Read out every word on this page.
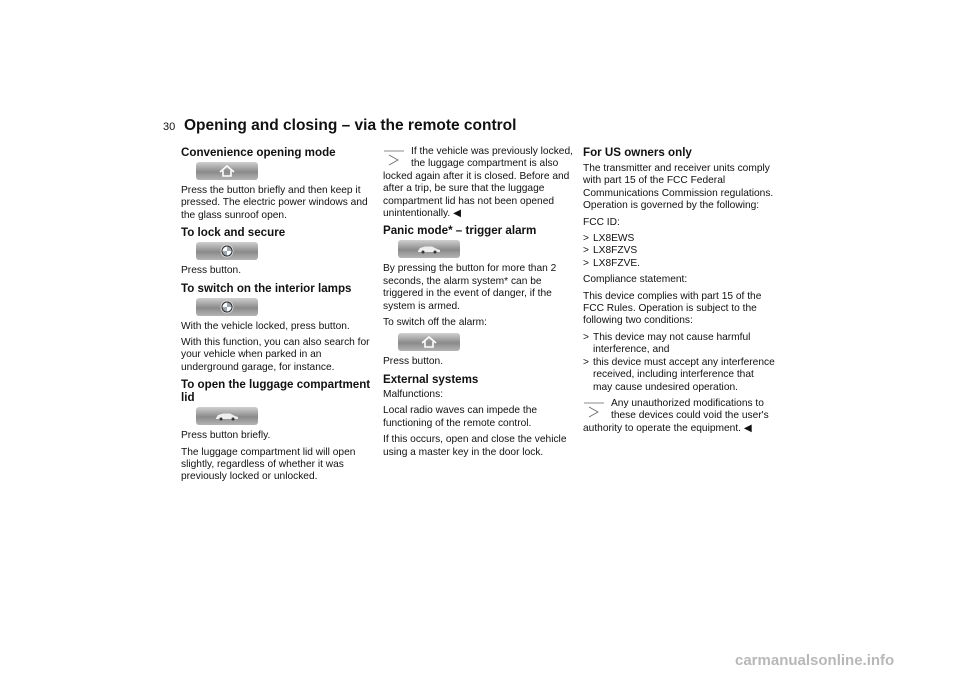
30 Opening and closing – via the remote control
Convenience opening mode

Press the button briefly and then keep it pressed. The electric power windows and the glass sunroof open.

To lock and secure

Press button.

To switch on the interior lamps

With the vehicle locked, press button.

With this function, you can also search for your vehicle when parked in an underground garage, for instance.

To open the luggage compartment lid

Press button briefly.

The luggage compartment lid will open slightly, regardless of whether it was previously locked or unlocked.

If the vehicle was previously locked, the luggage compartment is also locked again after it is closed. Before and after a trip, be sure that the luggage compartment lid has not been opened unintentionally. ◀

Panic mode* – trigger alarm

By pressing the button for more than 2 seconds, the alarm system* can be triggered in the event of danger, if the system is armed.

To switch off the alarm:

Press button.

External systems

Malfunctions:

Local radio waves can impede the functioning of the remote control.

If this occurs, open and close the vehicle using a master key in the door lock.

For US owners only

The transmitter and receiver units comply with part 15 of the FCC Federal Communications Commission regulations. Operation is governed by the following:

FCC ID:

> LX8EWS
> LX8FZVS
> LX8FZVE.

Compliance statement:

This device complies with part 15 of the FCC Rules. Operation is subject to the following two conditions:

> This device may not cause harmful interference, and
> this device must accept any interference received, including interference that may cause undesired operation.

Any unauthorized modifications to these devices could void the user's authority to operate the equipment. ◀

carmanualsonline.info
